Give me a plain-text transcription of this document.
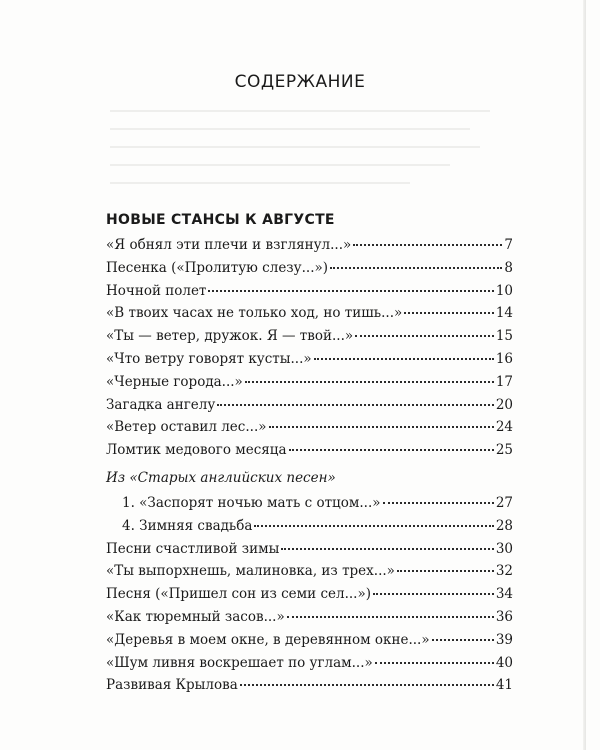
СОДЕРЖАНИЕ
НОВЫЕ СТАНСЫ К АВГУСТЕ
«Я обнял эти плечи и взглянул...»	7
Песенка («Пролитую слезу...»)	8
Ночной полет	10
«В твоих часах не только ход, но тишь...»	14
«Ты — ветер, дружок. Я — твой...»	15
«Что ветру говорят кусты...»	16
«Черные города...»	17
Загадка ангелу	20
«Ветер оставил лес...»	24
Ломтик медового месяца	25
Из «Старых английских песен»
1. «Заспорят ночью мать с отцом...»	27
4. Зимняя свадьба	28
Песни счастливой зимы	30
«Ты выпорхнешь, малиновка, из трех...»	32
Песня («Пришел сон из семи сел...»)	34
«Как тюремный засов...»	36
«Деревья в моем окне, в деревянном окне...»	39
«Шум ливня воскрешает по углам...»	40
Развивая Крылова	41
